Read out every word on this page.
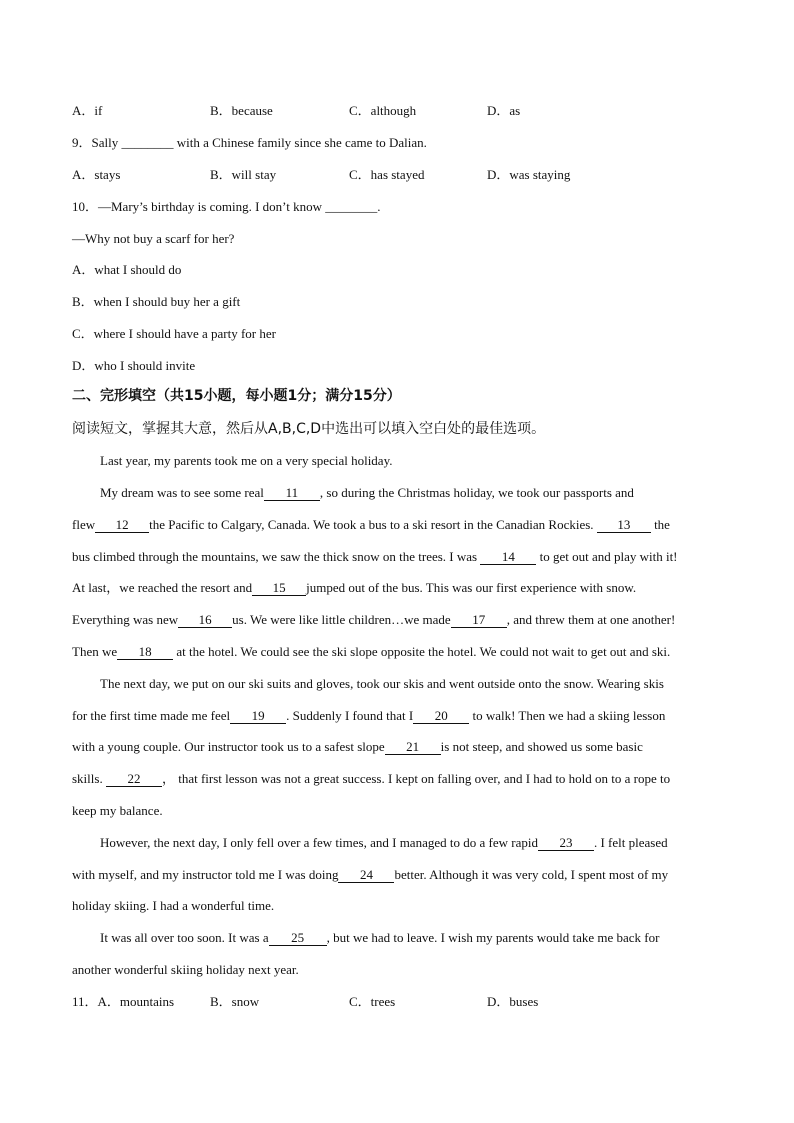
A．if	B．because	C．although	D．as
9．Sally ________ with a Chinese family since she came to Dalian.
A．stays	B．will stay	C．has stayed	D．was staying
10．—Mary’s birthday is coming. I don’t know ________.
—Why not buy a scarf for her?
A．what I should do
B．when I should buy her a gift
C．where I should have a party for her
D．who I should invite
二、完形填空（共15小题，每小题1分；满分15分）
阅读短文，掌握其大意，然后从A,B,C,D中选出可以填入空白处的最佳选项。
Last year, my parents took me on a very special holiday.
My dream was to see some real 11 , so during the Christmas holiday, we took our passports and
flew 12 the Pacific to Calgary, Canada. We took a bus to a ski resort in the Canadian Rockies. 13 the
bus climbed through the mountains, we saw the thick snow on the trees. I was 14 to get out and play with it!
At last，we reached the resort and 15 jumped out of the bus. This was our first experience with snow.
Everything was new 16 us. We were like little children…we made 17 , and threw them at one another!
Then we 18 at the hotel. We could see the ski slope opposite the hotel. We could not wait to get out and ski.
The next day, we put on our ski suits and gloves, took our skis and went outside onto the snow. Wearing skis
for the first time made me feel 19 . Suddenly I found that I 20 to walk! Then we had a skiing lesson
with a young couple. Our instructor took us to a safest slope 21 is not steep, and showed us some basic
skills. 22 ， that first lesson was not a great success. I kept on falling over, and I had to hold on to a rope to
keep my balance.
However, the next day, I only fell over a few times, and I managed to do a few rapid 23 . I felt pleased
with myself, and my instructor told me I was doing 24 better. Although it was very cold, I spent most of my
holiday skiing. I had a wonderful time.
It was all over too soon. It was a 25 , but we had to leave. I wish my parents would take me back for
another wonderful skiing holiday next year.
11．A．mountains	B．snow	C．trees	D．buses
